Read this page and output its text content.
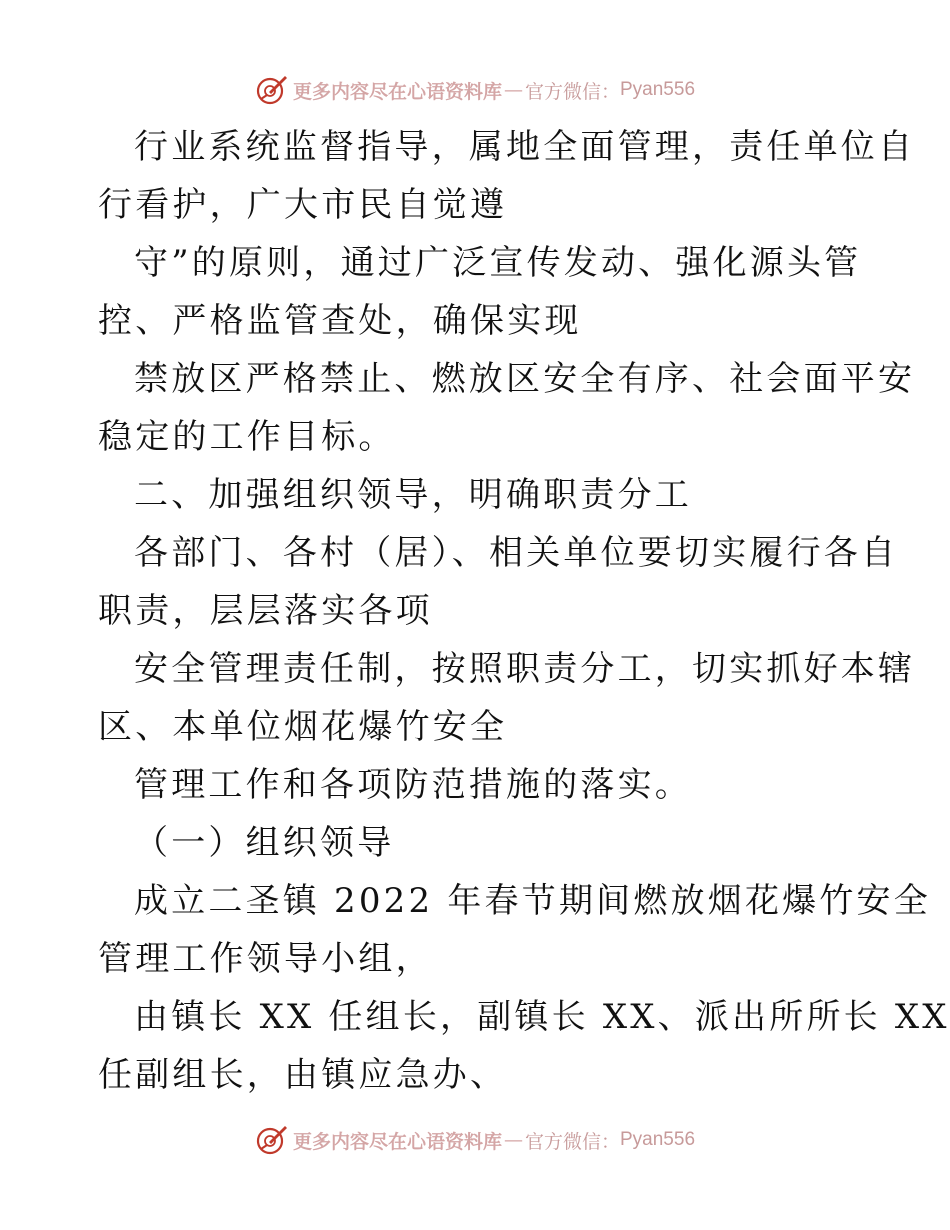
更多内容尽在心语资料库 — 官方微信： Pyan556
行业系统监督指导，属地全面管理，责任单位自
行看护，广大市民自觉遵
守”的原则，通过广泛宣传发动、强化源头管
控、严格监管查处，确保实现
禁放区严格禁止、燃放区安全有序、社会面平安
稳定的工作目标。
二、加强组织领导，明确职责分工
各部门、各村（居）、相关单位要切实履行各自
职责，层层落实各项
安全管理责任制，按照职责分工，切实抓好本辖
区、本单位烟花爆竹安全
管理工作和各项防范措施的落实。
（一）组织领导
成立二圣镇 2022 年春节期间燃放烟花爆竹安全
管理工作领导小组，
由镇长 XX 任组长，副镇长 XX、派出所所长 XX
任副组长，由镇应急办、
更多内容尽在心语资料库 — 官方微信： Pyan556
